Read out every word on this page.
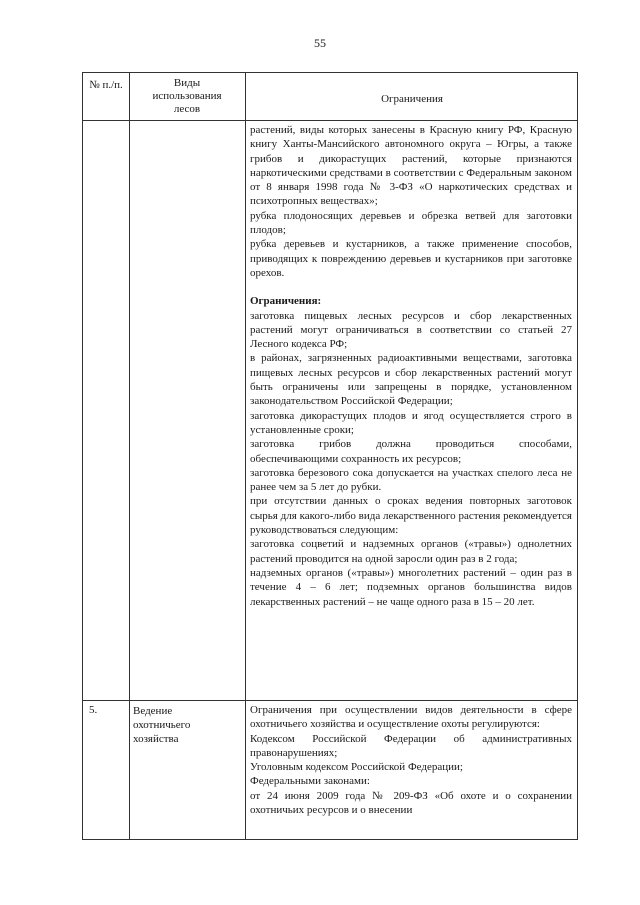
55
№ п./п.	Виды
использования
лесов
Ограничения

растений, виды которых занесены в Красную книгу РФ, Красную книгу Ханты-Мансийского автономного округа – Югры, а также грибов и дикорастущих растений, которые признаются наркотическими средствами в соответствии с Федеральным законом от 8 января 1998 года № 3-ФЗ «О наркотических средствах и психотропных веществах»;

рубка плодоносящих деревьев и обрезка ветвей для заготовки плодов;

рубка деревьев и кустарников, а также применение способов, приводящих к повреждению деревьев и кустарников при заготовке орехов.

Ограничения:

заготовка пищевых лесных ресурсов и сбор лекарственных растений могут ограничиваться в соответствии со статьей 27 Лесного кодекса РФ;

в районах, загрязненных радиоактивными веществами, заготовка пищевых лесных ресурсов и сбор лекарственных растений могут быть ограничены или запрещены в порядке, установленном законодательством Российской Федерации;

заготовка дикорастущих плодов и ягод осуществляется строго в установленные сроки;

заготовка грибов должна проводиться способами, обеспечивающими сохранность их ресурсов;

заготовка березового сока допускается на участках спелого леса не ранее чем за 5 лет до рубки.

при отсутствии данных о сроках ведения повторных заготовок сырья для какого-либо вида лекарственного растения рекомендуется руководствоваться следующим:

заготовка соцветий и надземных органов («травы») однолетних растений проводится на одной заросли один раз в 2 года;

надземных органов («травы») многолетних растений – один раз в течение 4 – 6 лет; подземных органов большинства видов лекарственных растений – не чаще одного раза в 15 – 20 лет.

5.	Ведение охотничьего хозяйства

Ограничения при осуществлении видов деятельности в сфере охотничьего хозяйства и осуществление охоты регулируются:

Кодексом Российской Федерации об административных правонарушениях;

Уголовным кодексом Российской Федерации;

Федеральными законами:

от 24 июня 2009 года № 209-ФЗ «Об охоте и о сохранении охотничьих ресурсов и о внесении
